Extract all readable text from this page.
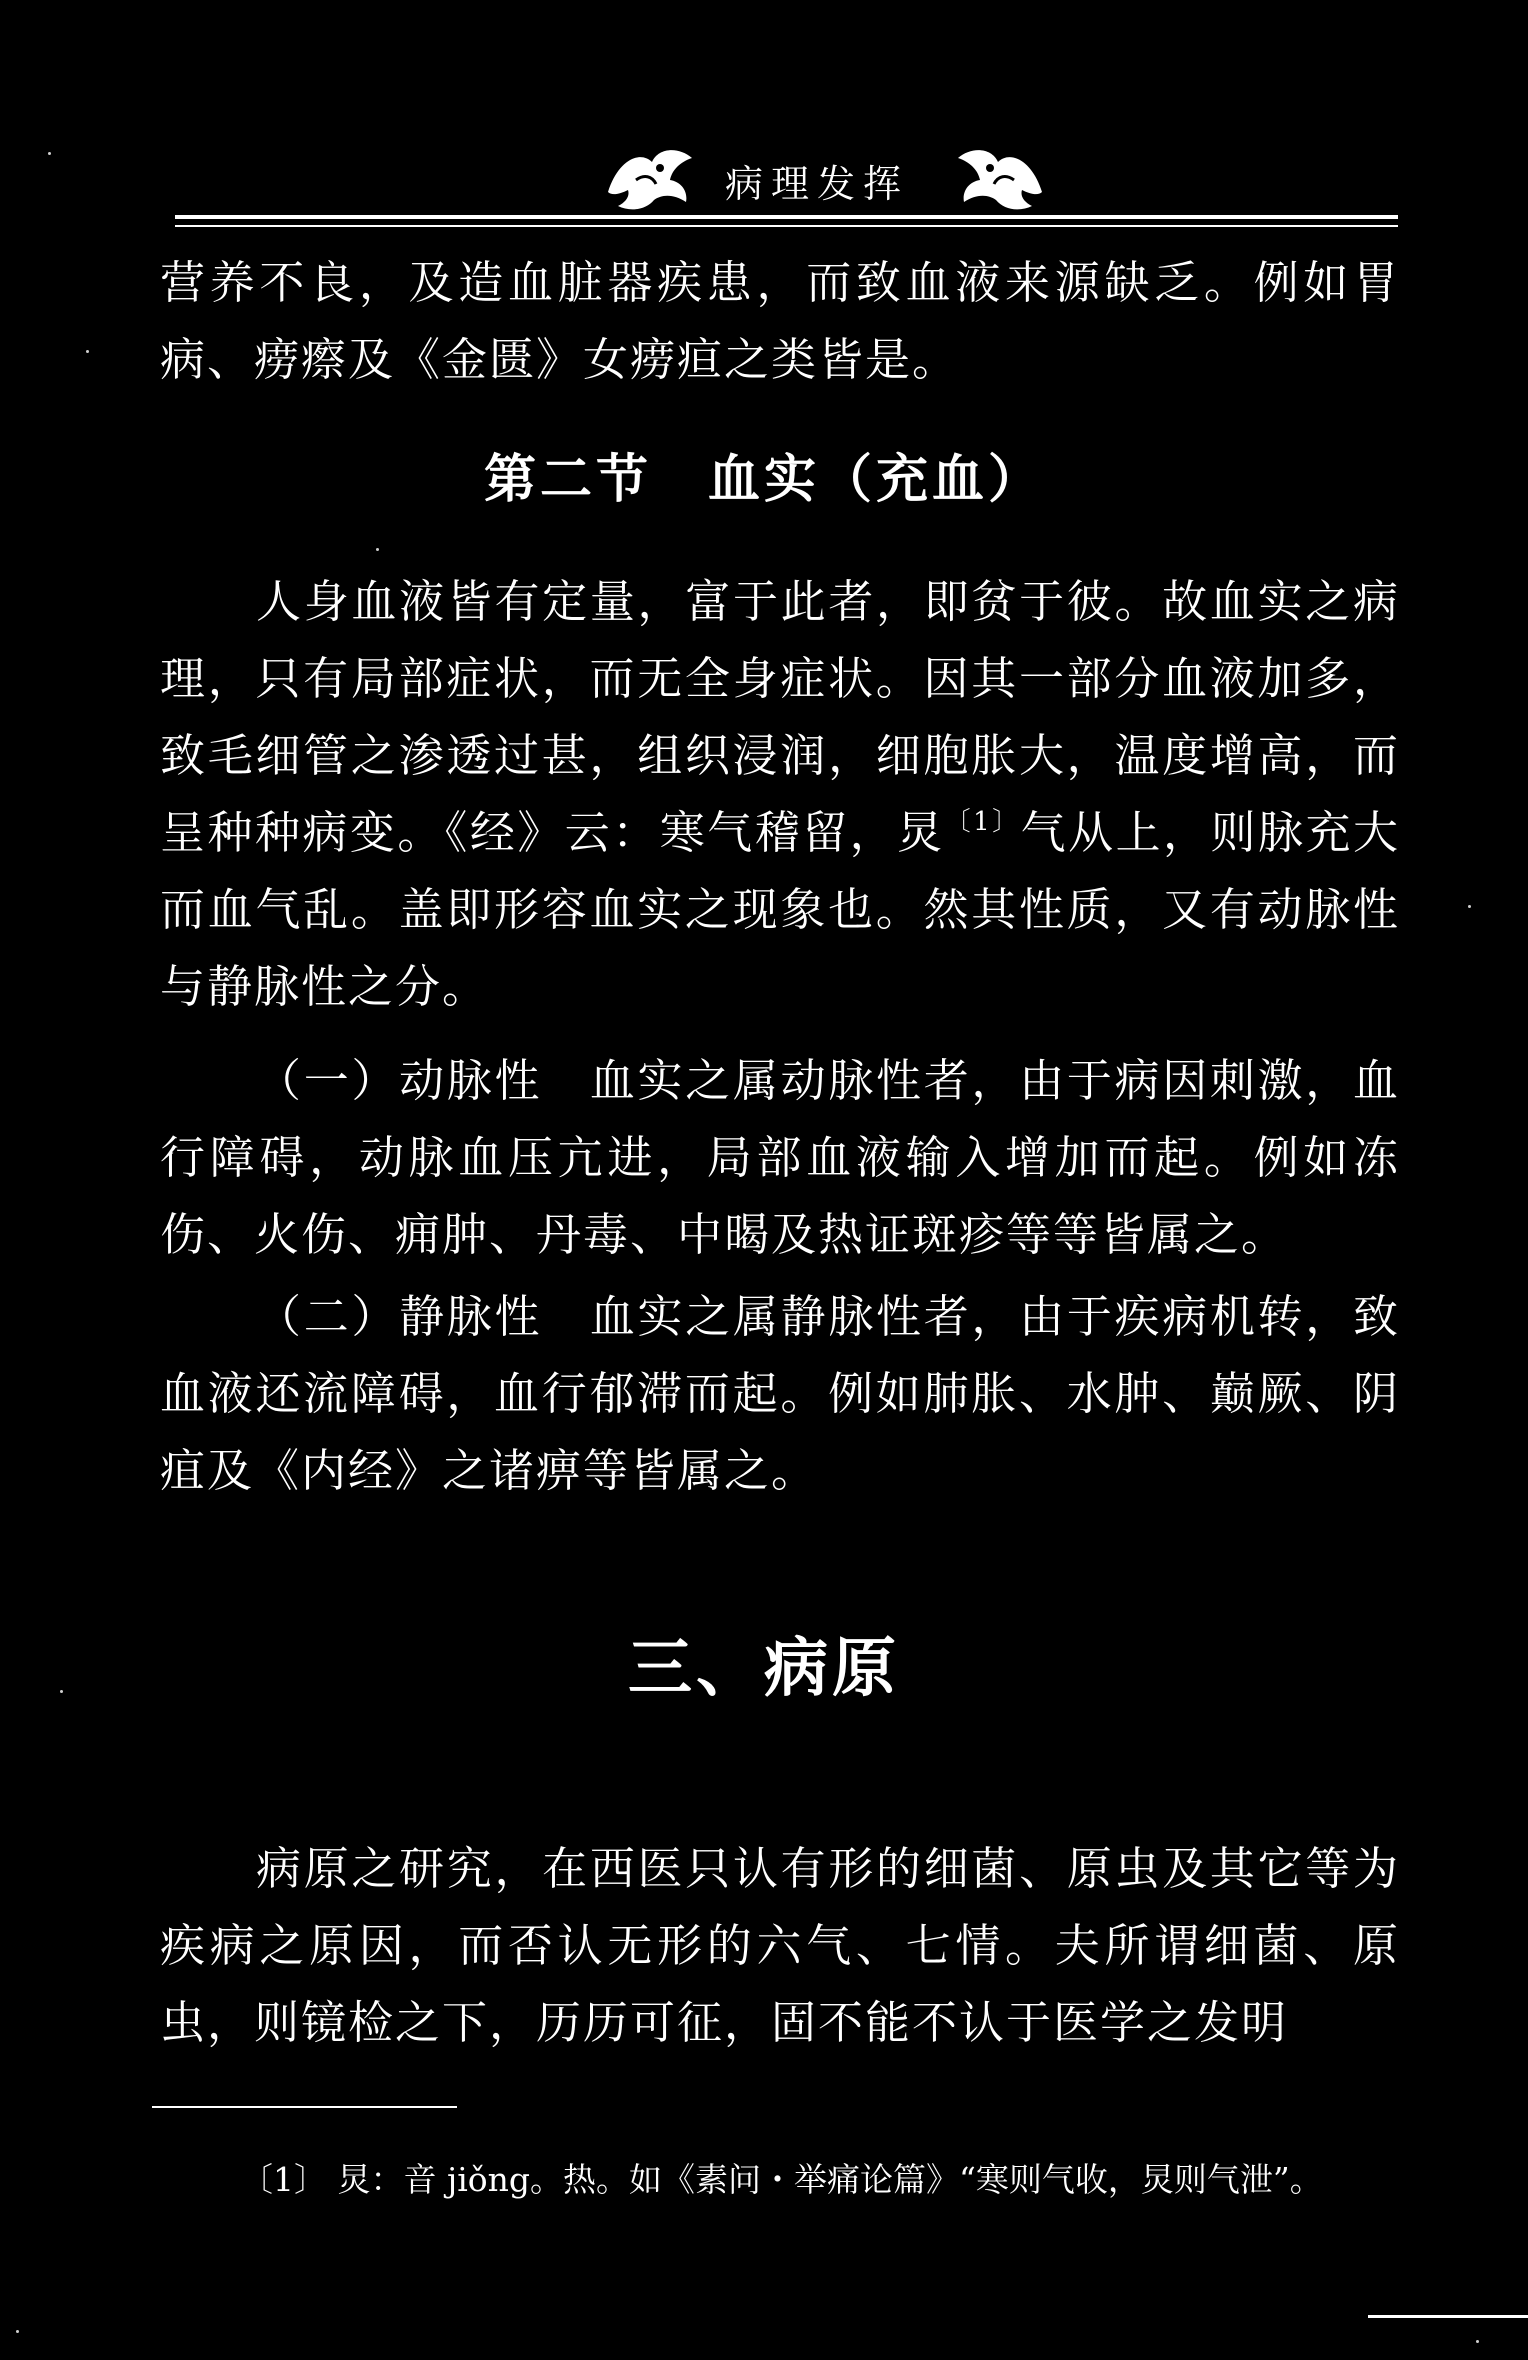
病理发挥

营养不良，及造血脏器疾患，而致血液来源缺乏。例如胃病、痨瘵及《金匮》女痨疸之类皆是。

第二节　血实（充血）

人身血液皆有定量，富于此者，即贫于彼。故血实之病理，只有局部症状，而无全身症状。因其一部分血液加多，致毛细管之渗透过甚，组织浸润，细胞胀大，温度增高，而呈种种病变。《经》云：寒气稽留，炅$^{〔1〕}$气从上，则脉充大而血气乱。盖即形容血实之现象也。然其性质，又有动脉性与静脉性之分。

（一）动脉性　血实之属动脉性者，由于病因刺激，血行障碍，动脉血压亢进，局部血液输入增加而起。例如冻伤、火伤、痈肿、丹毒、中暍及热证斑疹等等皆属之。

（二）静脉性　血实之属静脉性者，由于疾病机转，致血液还流障碍，血行郁滞而起。例如肺胀、水肿、巅厥、阴疽及《内经》之诸痹等皆属之。

三、病原

病原之研究，在西医只认有形的细菌、原虫及其它等为疾病之原因，而否认无形的六气、七情。夫所谓细菌、原虫，则镜检之下，历历可征，固不能不认于医学之发明

〔1〕 炅：音 jiǒng。热。如《素问・举痛论篇》“寒则气收，炅则气泄”。
